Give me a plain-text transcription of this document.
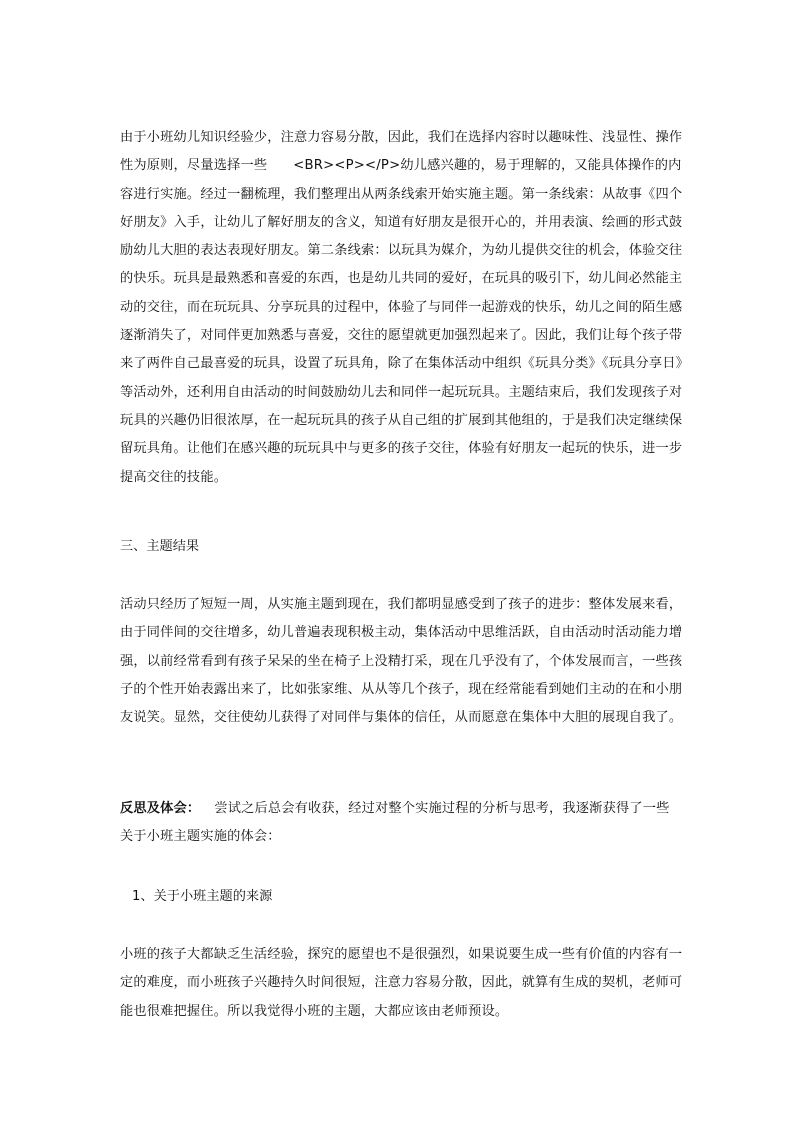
由于小班幼儿知识经验少，注意力容易分散，因此，我们在选择内容时以趣味性、浅显性、操作
性为原则，尽量选择一些 <BR><P></P>幼儿感兴趣的，易于理解的，又能具体操作的内
容进行实施。经过一翻梳理，我们整理出从两条线索开始实施主题。第一条线索：从故事《四个
好朋友》入手，让幼儿了解好朋友的含义，知道有好朋友是很开心的，并用表演、绘画的形式鼓
励幼儿大胆的表达表现好朋友。第二条线索：以玩具为媒介，为幼儿提供交往的机会，体验交往
的快乐。玩具是最熟悉和喜爱的东西，也是幼儿共同的爱好，在玩具的吸引下，幼儿间必然能主
动的交往，而在玩玩具、分享玩具的过程中，体验了与同伴一起游戏的快乐，幼儿之间的陌生感
逐渐消失了，对同伴更加熟悉与喜爱，交往的愿望就更加强烈起来了。因此，我们让每个孩子带
来了两件自己最喜爱的玩具，设置了玩具角，除了在集体活动中组织《玩具分类》《玩具分享日》
等活动外，还利用自由活动的时间鼓励幼儿去和同伴一起玩玩具。主题结束后，我们发现孩子对
玩具的兴趣仍旧很浓厚，在一起玩玩具的孩子从自己组的扩展到其他组的，于是我们决定继续保
留玩具角。让他们在感兴趣的玩玩具中与更多的孩子交往，体验有好朋友一起玩的快乐，进一步
提高交往的技能。
三、主题结果
活动只经历了短短一周，从实施主题到现在，我们都明显感受到了孩子的进步：整体发展来看，
由于同伴间的交往增多，幼儿普遍表现积极主动，集体活动中思维活跃，自由活动时活动能力增
强，以前经常看到有孩子呆呆的坐在椅子上没精打采，现在几乎没有了，个体发展而言，一些孩
子的个性开始表露出来了，比如张家维、从从等几个孩子，现在经常能看到她们主动的在和小朋
友说笑。显然，交往使幼儿获得了对同伴与集体的信任，从而愿意在集体中大胆的展现自我了。
反思及体会： 尝试之后总会有收获，经过对整个实施过程的分析与思考，我逐渐获得了一些
关于小班主题实施的体会：
1、关于小班主题的来源
小班的孩子大都缺乏生活经验，探究的愿望也不是很强烈，如果说要生成一些有价值的内容有一
定的难度，而小班孩子兴趣持久时间很短，注意力容易分散，因此，就算有生成的契机，老师可
能也很难把握住。所以我觉得小班的主题，大都应该由老师预设。
